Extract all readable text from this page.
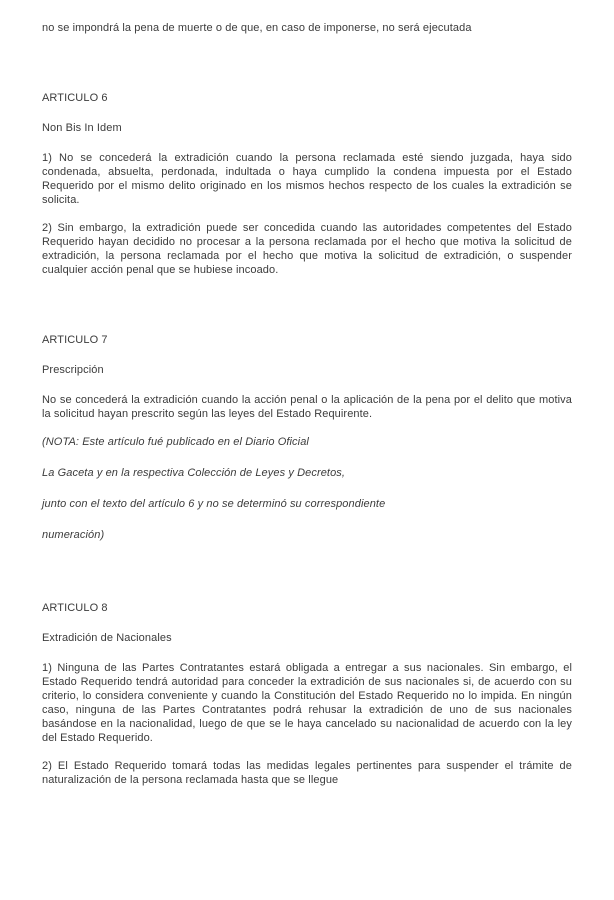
no se impondrá la pena de muerte o de que, en caso de imponerse, no será ejecutada
ARTICULO 6
Non Bis In Idem
1) No se concederá la extradición cuando la persona reclamada esté siendo juzgada, haya sido condenada, absuelta, perdonada, indultada o haya cumplido la condena impuesta por el Estado Requerido por el mismo delito originado en los mismos hechos respecto de los cuales la extradición se solicita.
2) Sin embargo, la extradición puede ser concedida cuando las autoridades competentes del Estado Requerido hayan decidido no procesar a la persona reclamada por el hecho que motiva la solicitud de extradición, la persona reclamada por el hecho que motiva la solicitud de extradición, o suspender cualquier acción penal que se hubiese incoado.
ARTICULO 7
Prescripción
No se concederá la extradición cuando la acción penal o la aplicación de la pena por el delito que motiva la solicitud hayan prescrito según las leyes del Estado Requirente.
(NOTA: Este artículo fué publicado en el Diario Oficial
La Gaceta y en la respectiva Colección de Leyes y Decretos,
junto con el texto del artículo 6 y no se determinó su correspondiente
numeración)
ARTICULO 8
Extradición de Nacionales
1) Ninguna de las Partes Contratantes estará obligada a entregar a sus nacionales. Sin embargo, el Estado Requerido tendrá autoridad para conceder la extradición de sus nacionales si, de acuerdo con su criterio, lo considera conveniente y cuando la Constitución del Estado Requerido no lo impida. En ningún caso, ninguna de las Partes Contratantes podrá rehusar la extradición de uno de sus nacionales basándose en la nacionalidad, luego de que se le haya cancelado su nacionalidad de acuerdo con la ley del Estado Requerido.
2) El Estado Requerido tomará todas las medidas legales pertinentes para suspender el trámite de naturalización de la persona reclamada hasta que se llegue
